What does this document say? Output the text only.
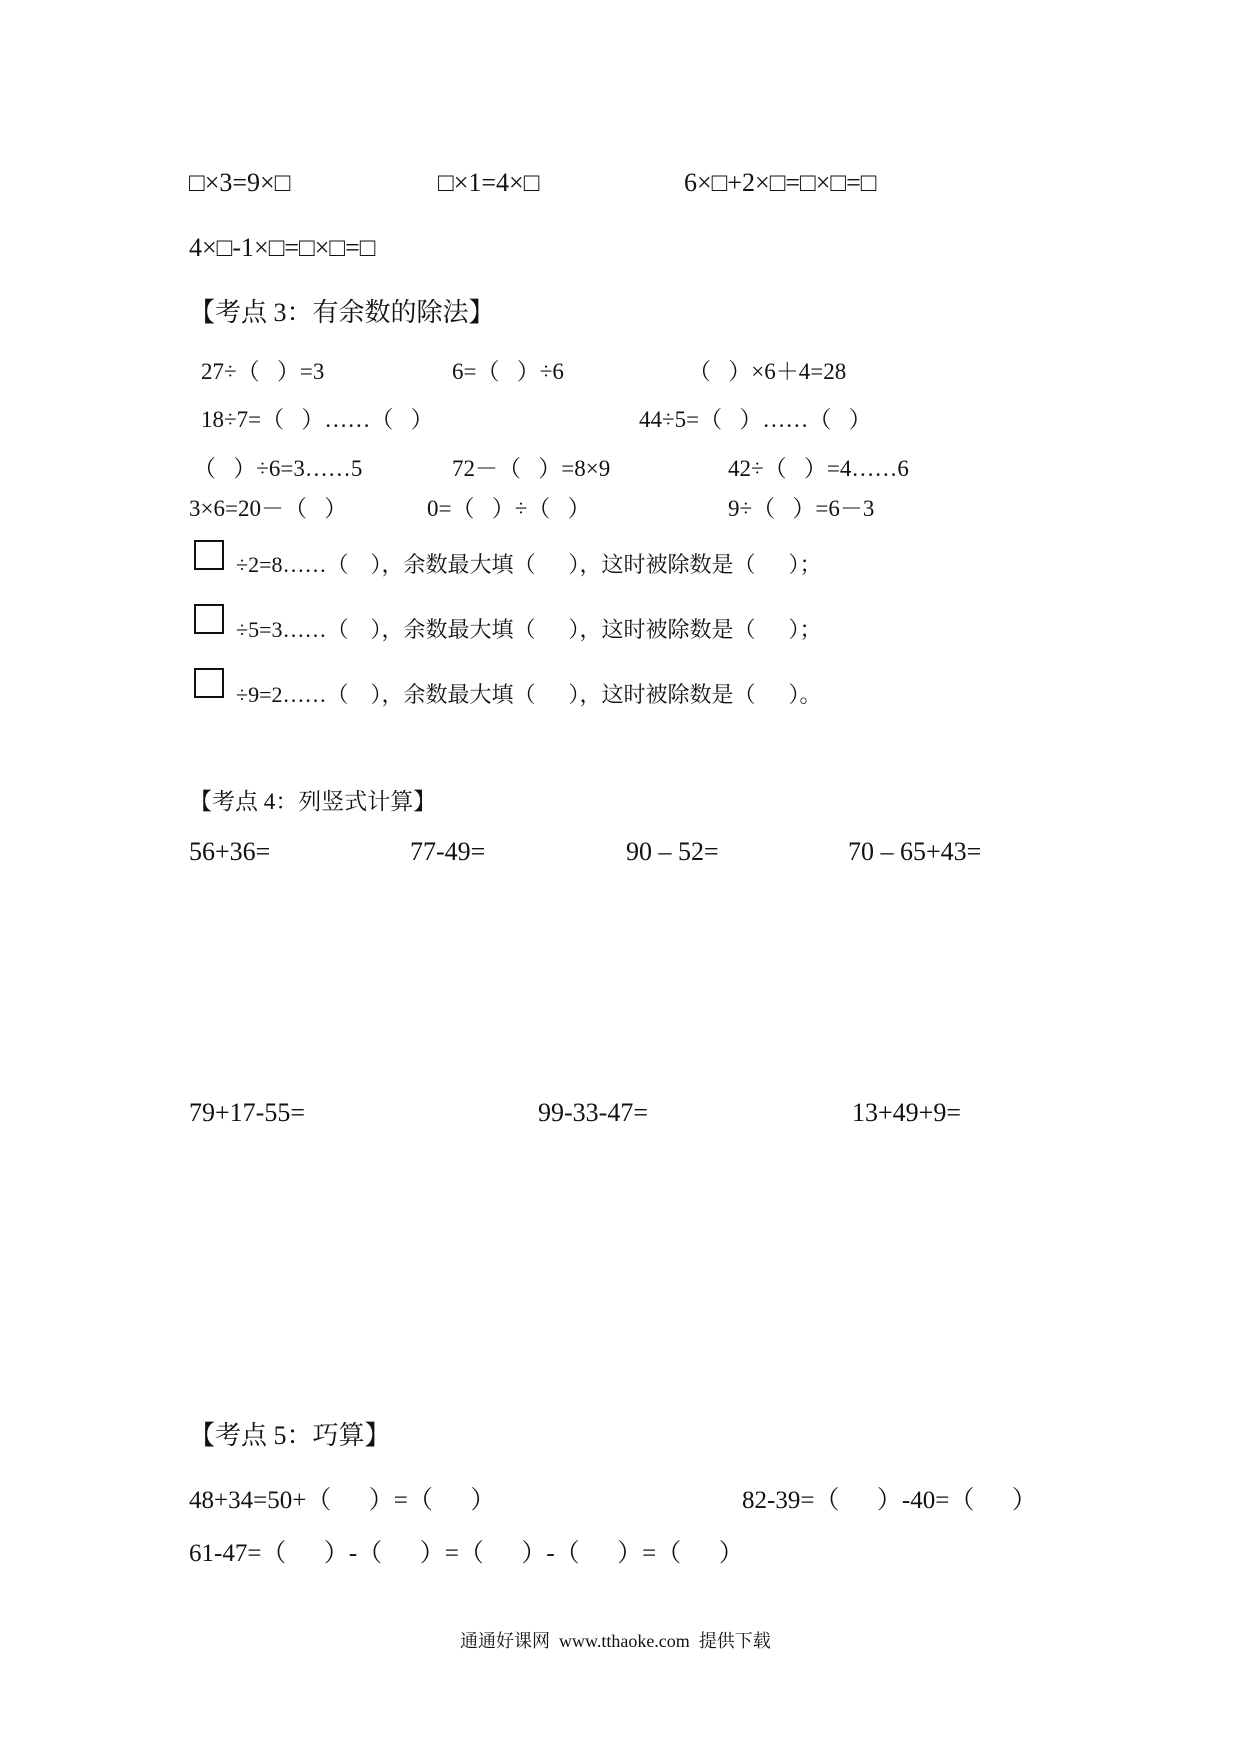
□×3=9×□	□×1=4×□	6×□+2×□=□×□=□
4×□-1×□=□×□=□
【考点 3：有余数的除法】
27÷（   ）=3	6=（   ）÷6	（   ）×6＋4=28
18÷7=（   ）……（   ）	44÷5=（   ）……（   ）
（   ）÷6=3……5	72－（   ）=8×9	42÷（   ）=4……6
3×6=20－（   ）	0=（   ）÷（   ）	9÷（   ）=6－3
÷2=8……（    ），余数最大填（      ），这时被除数是（      ）；
÷5=3……（    ），余数最大填（      ），这时被除数是（      ）；
÷9=2……（    ），余数最大填（      ），这时被除数是（      ）。
【考点 4：列竖式计算】
56+36=	77-49=	90 – 52=	70 – 65+43=
79+17-55=	99-33-47=	13+49+9=
【考点 5：巧算】
48+34=50+（      ）=（      ）	82-39=（      ）-40=（      ）
61-47=（      ）-（      ）=（      ）-（      ）=（      ）
通通好课网  www.tthaoke.com  提供下载
